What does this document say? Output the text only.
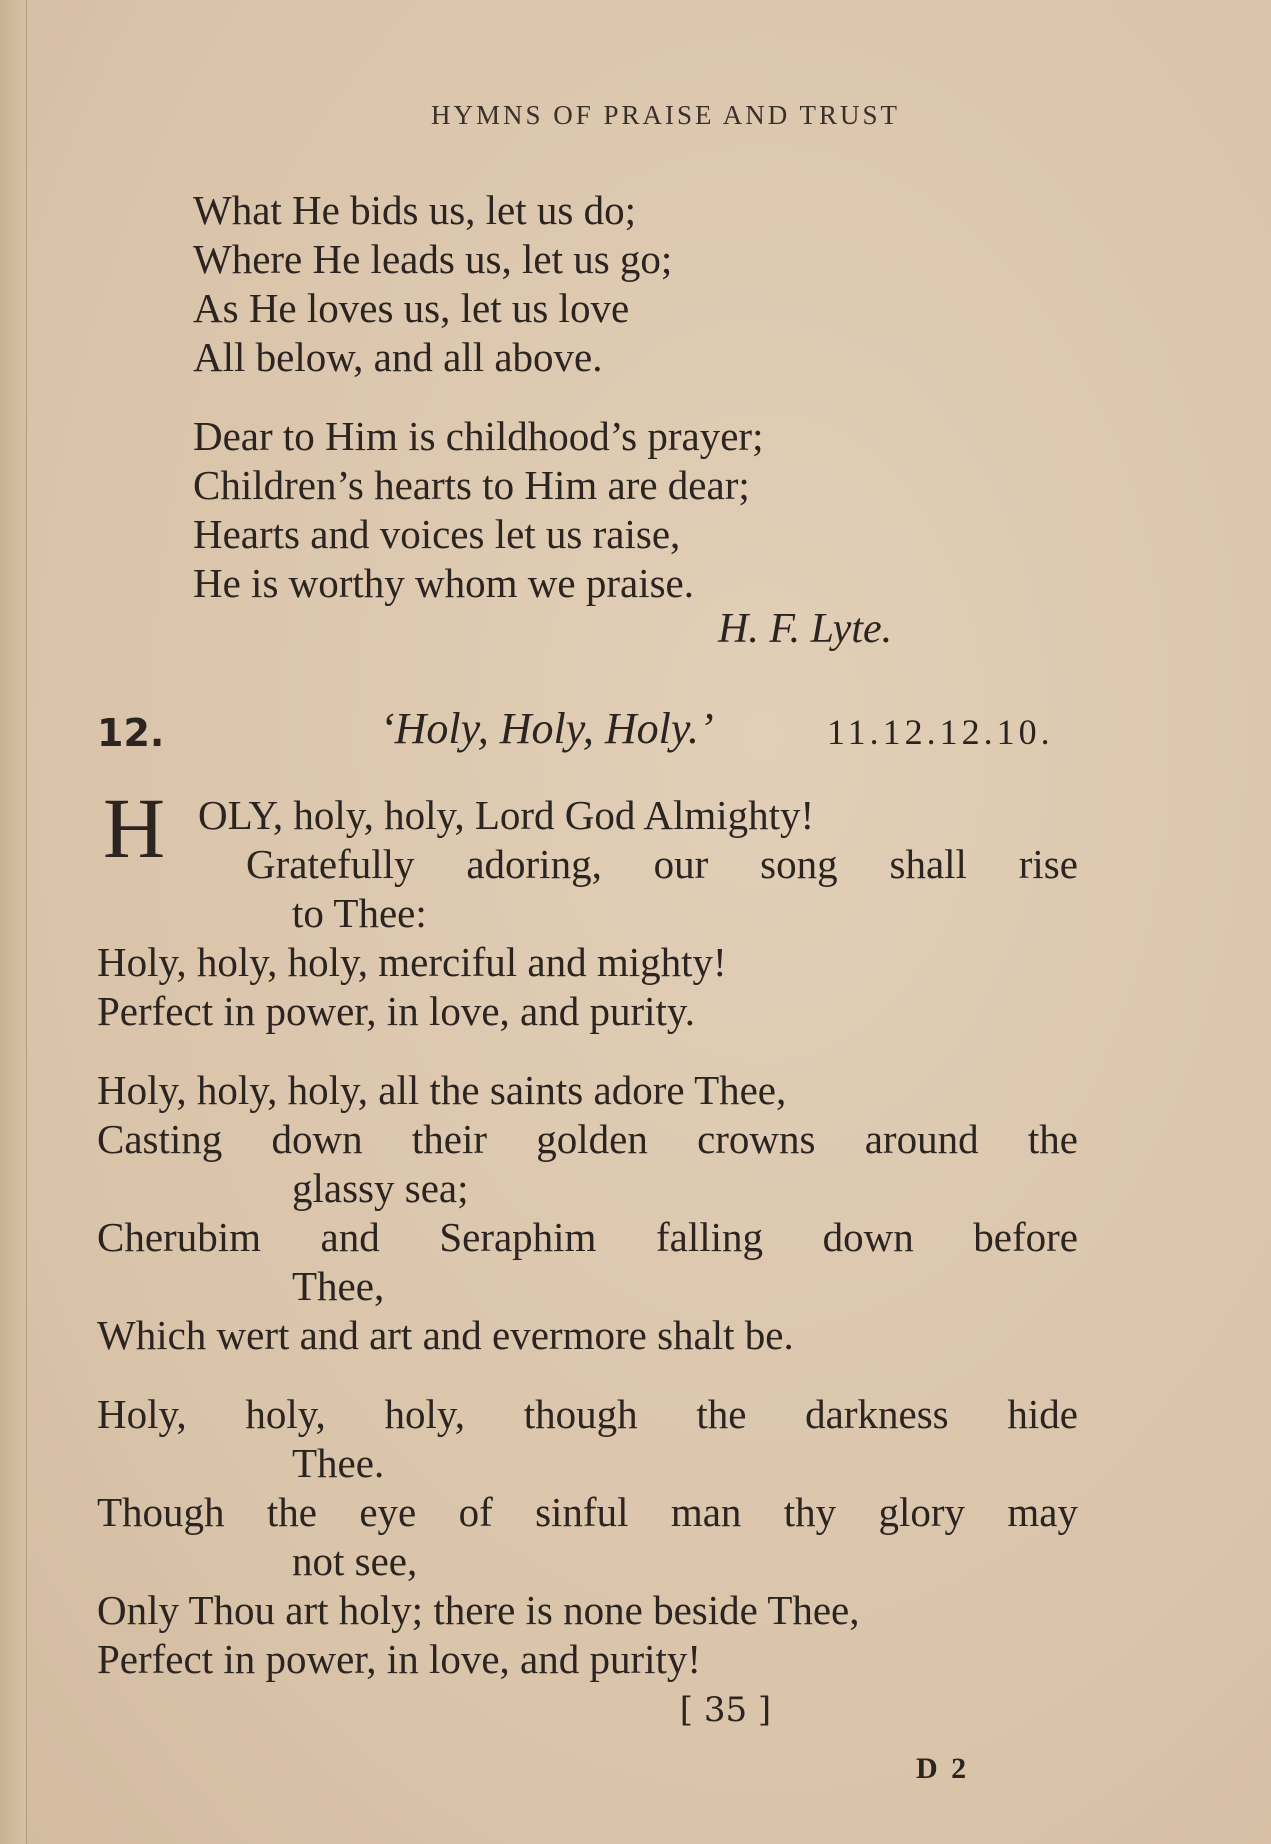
HYMNS OF PRAISE AND TRUST
What He bids us, let us do;
Where He leads us, let us go;
As He loves us, let us love
All below, and all above.
Dear to Him is childhood’s prayer;
Children’s hearts to Him are dear;
Hearts and voices let us raise,
He is worthy whom we praise.
H. F. Lyte.
12.	‘Holy, Holy, Holy.’	11.12.12.10.
H OLY, holy, holy, Lord God Almighty!
Gratefully adoring, our song shall rise
to Thee:
Holy, holy, holy, merciful and mighty!
Perfect in power, in love, and purity.
Holy, holy, holy, all the saints adore Thee,
Casting down their golden crowns around the
glassy sea;
Cherubim and Seraphim falling down before
Thee,
Which wert and art and evermore shalt be.
Holy, holy, holy, though the darkness hide
Thee.
Though the eye of sinful man thy glory may
not see,
Only Thou art holy; there is none beside Thee,
Perfect in power, in love, and purity!
[ 35 ]
D 2
